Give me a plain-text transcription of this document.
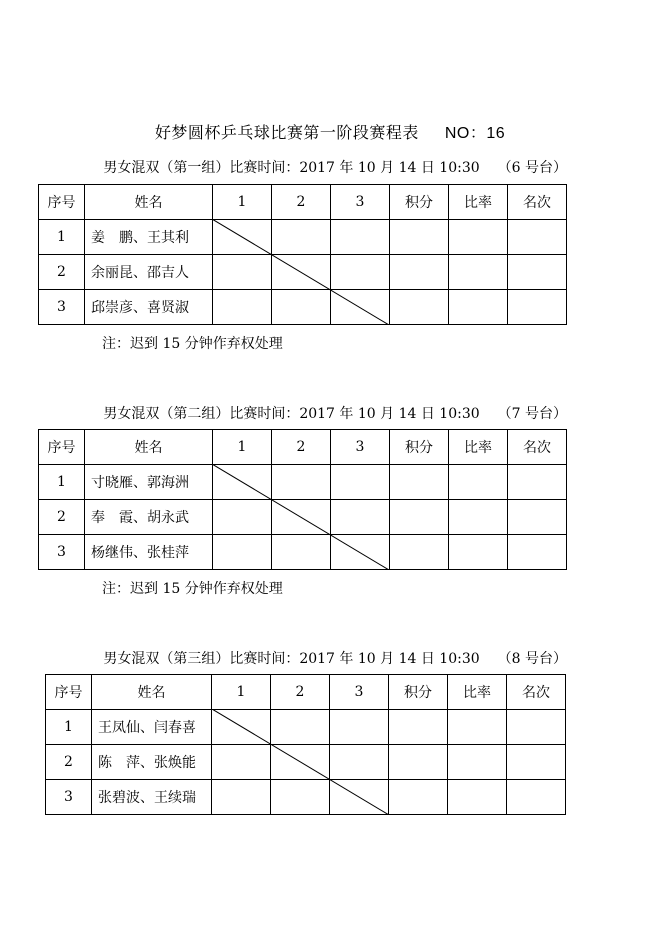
好梦圆杯乒乓球比赛第一阶段赛程表 NO：16
男女混双（第一组）比赛时间：2017 年 10 月 14 日 10:30 （6 号台）
序号	姓名	1	2	3	积分	比率	名次
1	姜　鹏、王其利						
2	余丽昆、邵吉人						
3	邱崇彦、喜贤淑						
注：迟到 15 分钟作弃权处理
男女混双（第二组）比赛时间：2017 年 10 月 14 日 10:30 （7 号台）
序号	姓名	1	2	3	积分	比率	名次
1	寸晓雁、郭海洲						
2	奉　霞、胡永武						
3	杨继伟、张桂萍						
注：迟到 15 分钟作弃权处理
男女混双（第三组）比赛时间：2017 年 10 月 14 日 10:30 （8 号台）
序号	姓名	1	2	3	积分	比率	名次
1	王凤仙、闫春喜						
2	陈　萍、张焕能						
3	张碧波、王续瑞						
